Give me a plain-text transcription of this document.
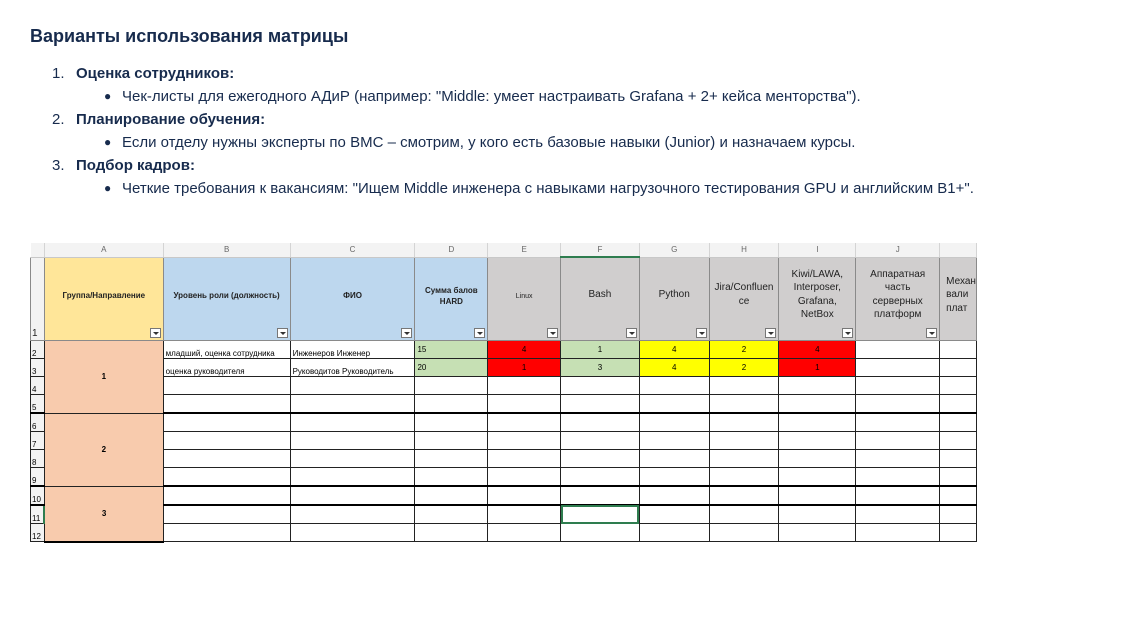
Варианты использования матрицы
1. Оценка сотрудников:
● Чек-листы для ежегодного АДиР (например: "Middle: умеет настраивать Grafana + 2+ кейса менторства").
2. Планирование обучения:
● Если отделу нужны эксперты по BMC – смотрим, у кого есть базовые навыки (Junior) и назначаем курсы.
3. Подбор кадров:
● Четкие требования к вакансиям: "Ищем Middle инженера с навыками нагрузочного тестирования GPU и английским B1+".
	A	B	C	D	E	F	G	H	I	J	
1	Группа/Направление	Уровень роли (должность)	ФИО	Сумма балов HARD	Linux	Bash	Python	Jira/Confluence	Kiwi/LAWA, Interposer, Grafana, NetBox	Аппаратная часть серверных платформ	Механ вали плат

2	1	младший, оценка сотрудника	Инженеров Инженер	15	4	1	4	2	4		
3		оценка руководителя	Руководитов Руководитель	20	1	3	4	2	1		
4											
5											
6	2										
7											
8											
9											
10	3										
11											
12											
